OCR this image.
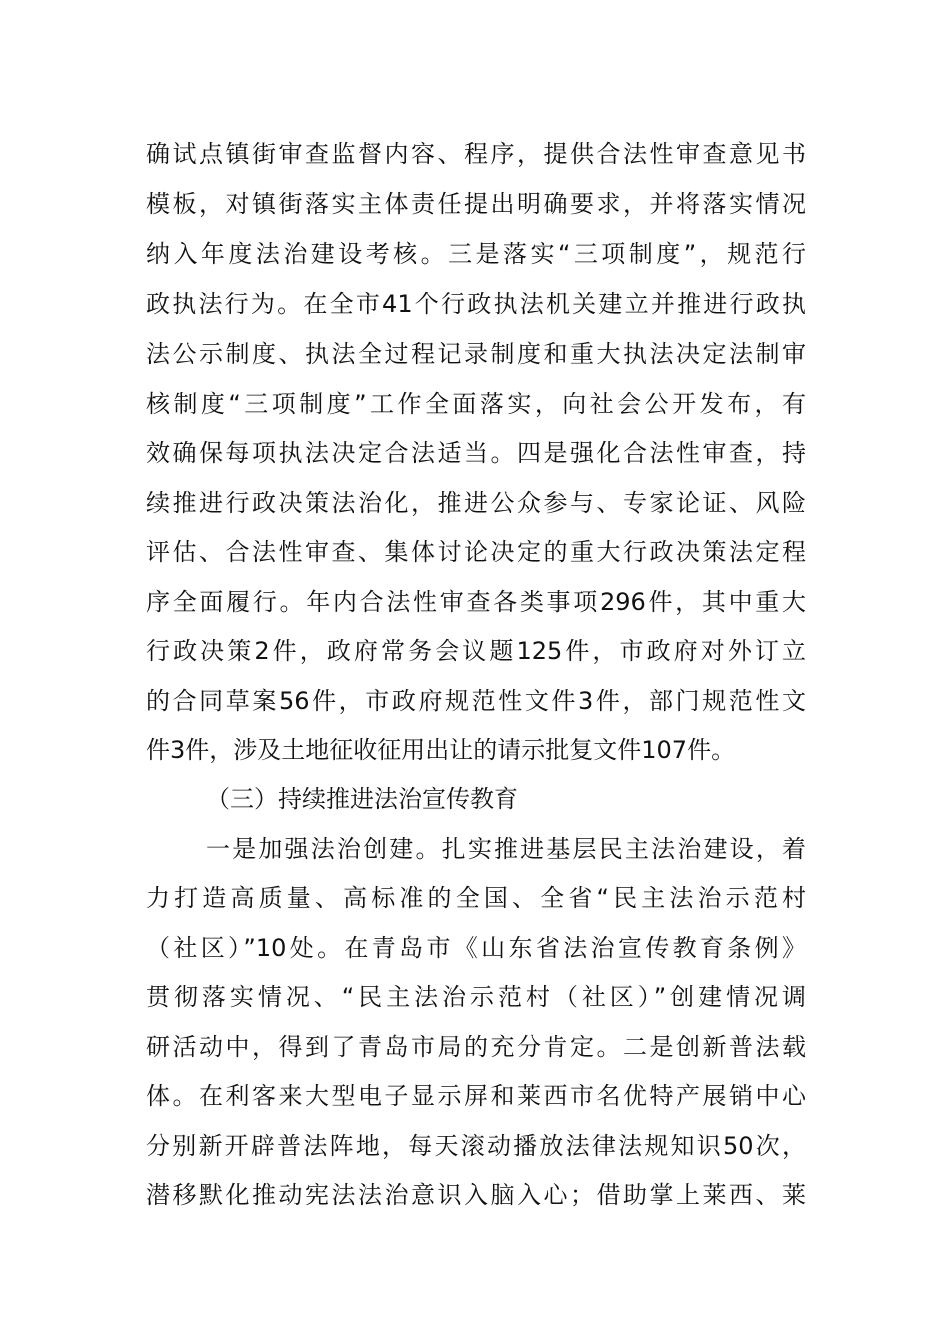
确试点镇街审查监督内容、程序，提供合法性审查意见书
模板，对镇街落实主体责任提出明确要求，并将落实情况
纳入年度法治建设考核。三是落实“三项制度”，规范行
政执法行为。在全市41个行政执法机关建立并推进行政执
法公示制度、执法全过程记录制度和重大执法决定法制审
核制度“三项制度”工作全面落实，向社会公开发布，有
效确保每项执法决定合法适当。四是强化合法性审查，持
续推进行政决策法治化，推进公众参与、专家论证、风险
评估、合法性审查、集体讨论决定的重大行政决策法定程
序全面履行。年内合法性审查各类事项296件，其中重大
行政决策2件，政府常务会议题125件，市政府对外订立
的合同草案56件，市政府规范性文件3件，部门规范性文
件3件，涉及土地征收征用出让的请示批复文件107件。
（三）持续推进法治宣传教育
一是加强法治创建。扎实推进基层民主法治建设，着
力打造高质量、高标准的全国、全省“民主法治示范村
（社区）”10处。在青岛市《山东省法治宣传教育条例》
贯彻落实情况、“民主法治示范村（社区）”创建情况调
研活动中，得到了青岛市局的充分肯定。二是创新普法载
体。在利客来大型电子显示屏和莱西市名优特产展销中心
分别新开辟普法阵地，每天滚动播放法律法规知识50次，
潜移默化推动宪法法治意识入脑入心；借助掌上莱西、莱
